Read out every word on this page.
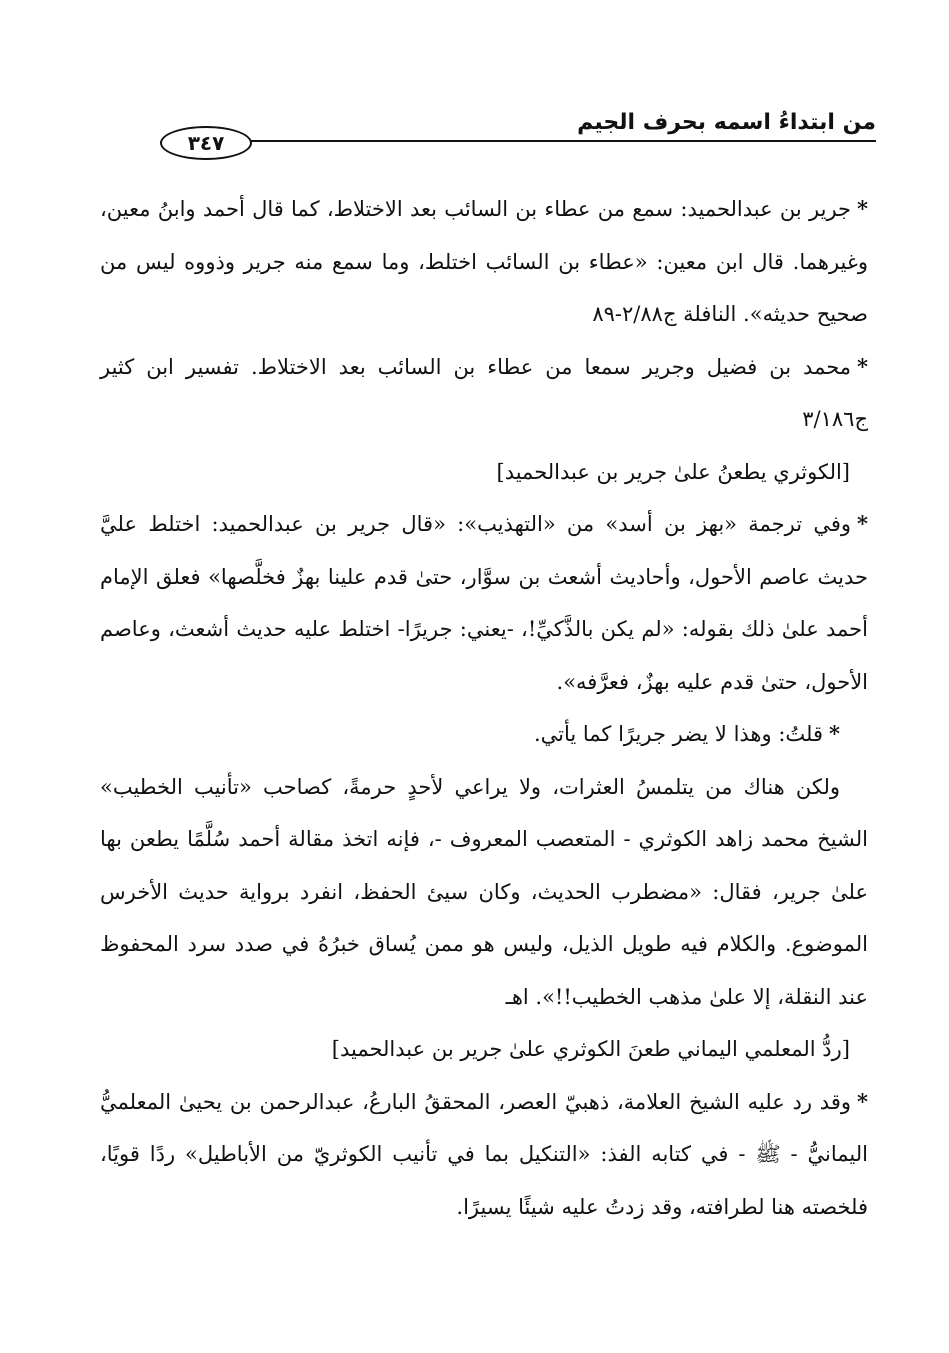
من ابتداءُ اسمه بحرف الجيم
٣٤٧

*جرير بن عبدالحميد: سمع من عطاء بن السائب بعد الاختلاط، كما قال أحمد وابنُ معين، وغيرهما. قال ابن معين: «عطاء بن السائب اختلط، وما سمع منه جرير وذووه ليس من صحيح حديثه». النافلة ج٢/٨٨-٨٩

*محمد بن فضيل وجرير سمعا من عطاء بن السائب بعد الاختلاط. تفسير ابن كثير ج٣/١٨٦

[الكوثري يطعنُ علىٰ جرير بن عبدالحميد]

*وفي ترجمة «بهز بن أسد» من «التهذيب»: «قال جرير بن عبدالحميد: اختلط عليَّ حديث عاصم الأحول، وأحاديث أشعث بن سوَّار، حتىٰ قدم علينا بهزٌ فخلَّصها» فعلق الإمام أحمد علىٰ ذلك بقوله: «لم يكن بالذَّكيِّ!، -يعني: جريرًا- اختلط عليه حديث أشعث، وعاصم الأحول، حتىٰ قدم عليه بهزٌ، فعرَّفه».

*قلتُ: وهذا لا يضر جريرًا كما يأتي.

ولكن هناك من يتلمسُ العثرات، ولا يراعي لأحدٍ حرمةً، كصاحب «تأنيب الخطيب» الشيخ محمد زاهد الكوثري - المتعصب المعروف -، فإنه اتخذ مقالة أحمد سُلَّمًا يطعن بها علىٰ جرير، فقال: «مضطرب الحديث، وكان سيئ الحفظ، انفرد برواية حديث الأخرس الموضوع. والكلام فيه طويل الذيل، وليس هو ممن يُساق خبرُهُ في صدد سرد المحفوظ عند النقلة، إلا علىٰ مذهب الخطيب!!». اهـ

[ردُّ المعلمي اليماني طعنَ الكوثري علىٰ جرير بن عبدالحميد]

*وقد رد عليه الشيخ العلامة، ذهبيّ العصر، المحققُ البارعُ، عبدالرحمن بن يحيىٰ المعلميُّ اليمانيُّ - ﷺ - في كتابه الفذ: «التنكيل بما في تأنيب الكوثريّ من الأباطيل» ردًا قويًا، فلخصته هنا لطرافته، وقد زدتُ عليه شيئًا يسيرًا.
